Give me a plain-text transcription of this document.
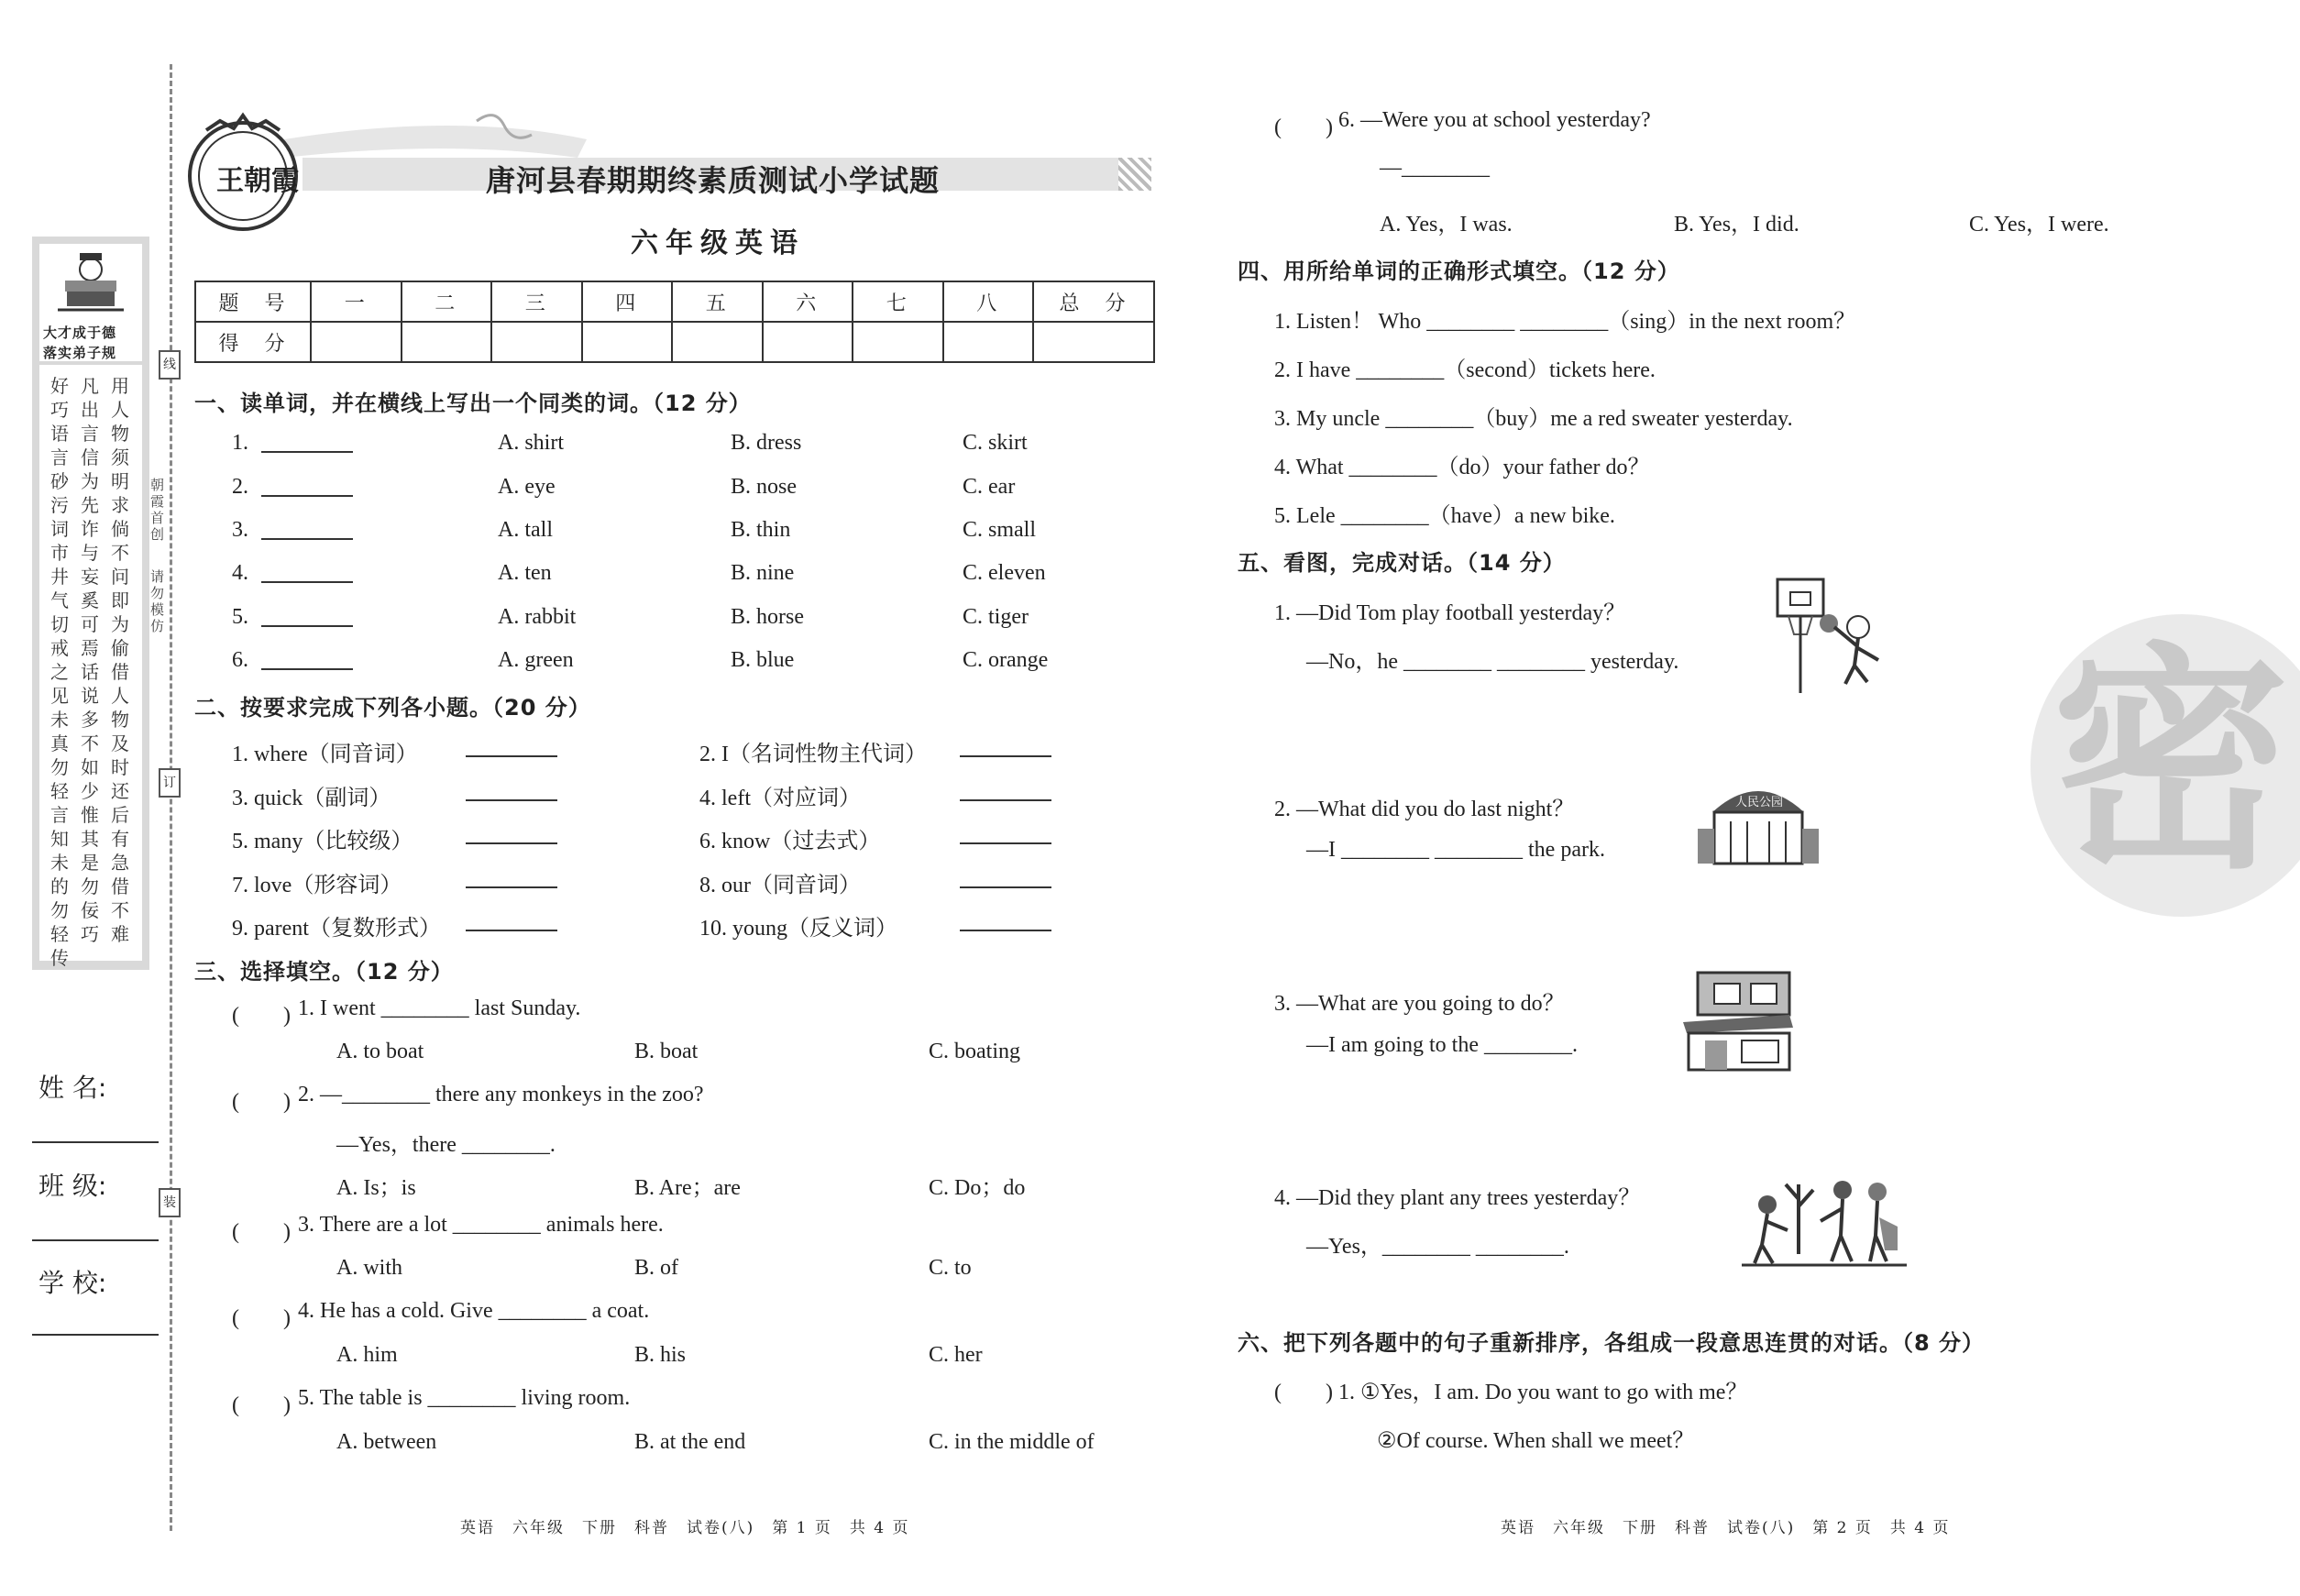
大才成于德
落实弟子规
好巧语言砂污词市井气切戒之见未真勿轻言知未的勿轻传
凡出言信为先诈与妄奚可焉话说多不如少惟其是勿佞巧
用人物须明求倘不问即为偷借人物及时还后有急借不难
姓 名:
班 级:
学 校:
线
订
装
朝霞首创
请勿模仿
王朝霞	唐河县春期期终素质测试小学试题
六年级英语
题　号	一	二	三	四	五	六	七	八	总　分
得　分									
一、读单词，并在横线上写出一个同类的词。（12 分）
1.	A. shirt	B. dress	C. skirt
2.	A. eye	B. nose	C. ear
3.	A. tall	B. thin	C. small
4.	A. ten	B. nine	C. eleven
5.	A. rabbit	B. horse	C. tiger
6.	A. green	B. blue	C. orange
二、按要求完成下列各小题。（20 分）
1. where（同音词）	2. I（名词性物主代词）
3. quick（副词）	4. left（对应词）
5. many（比较级）	6. know（过去式）
7. love（形容词）	8. our（同音词）
9. parent（复数形式）	10. young（反义词）
三、选择填空。（12 分）
(　　) 1. I went ________ last Sunday.
A. to boat	B. boat	C. boating
(　　) 2. —________ there any monkeys in the zoo?
—Yes，there ________.
A. Is；is	B. Are；are	C. Do；do
(　　) 3. There are a lot ________ animals here.
A. with	B. of	C. to
(　　) 4. He has a cold. Give ________ a coat.
A. him	B. his	C. her
(　　) 5. The table is ________ living room.
A. between	B. at the end	C. in the middle of
英语　六年级　下册　科普　试卷(八)　第 1 页　共 4 页
(　　) 6. —Were you at school yesterday?
—________
A. Yes，I was.	B. Yes，I did.	C. Yes，I were.
四、用所给单词的正确形式填空。（12 分）
1. Listen！ Who ________ ________（sing）in the next room？
2. I have ________（second）tickets here.
3. My uncle ________（buy）me a red sweater yesterday.
4. What ________（do）your father do？
5. Lele ________（have）a new bike.
五、看图，完成对话。（14 分）
1. —Did Tom play football yesterday？
—No，he ________ ________ yesterday.
2. —What did you do last night？
—I ________ ________ the park.
人民公园
3. —What are you going to do？
—I am going to the ________.
4. —Did they plant any trees yesterday？
—Yes，________ ________.
六、把下列各题中的句子重新排序，各组成一段意思连贯的对话。（8 分）
(　　) 1. ①Yes，I am. Do you want to go with me？
②Of course. When shall we meet？
英语　六年级　下册　科普　试卷(八)　第 2 页　共 4 页
密
